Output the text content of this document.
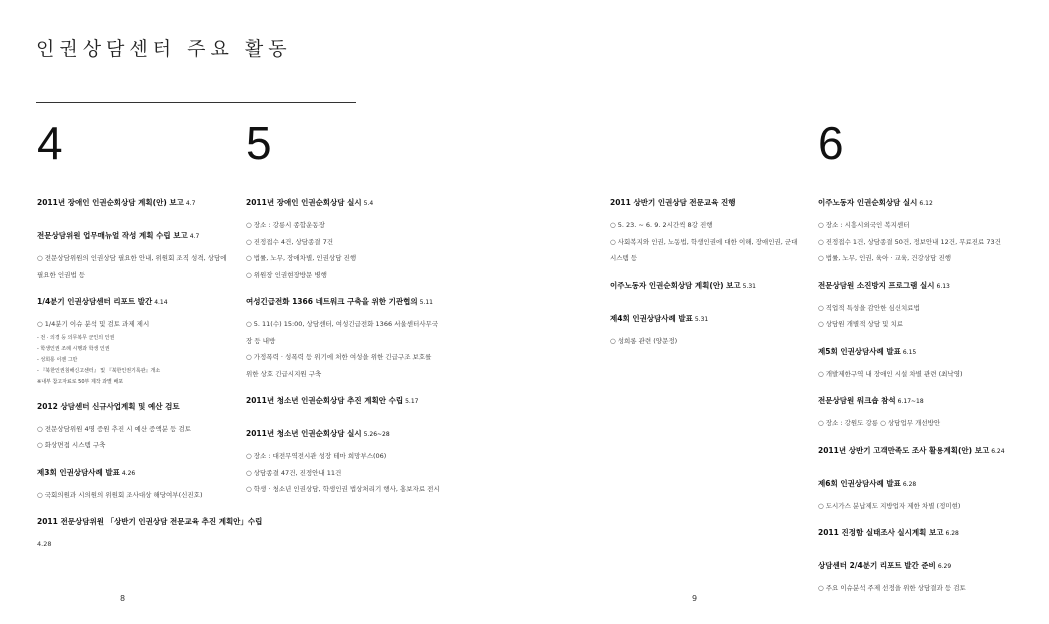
인권상담센터 주요 활동
4	5	6
2011년 장애인 인권순회상담 계획(안) 보고 4.7
전문상담위원 업무매뉴얼 작성 계획 수립 보고 4.7
○ 전문상담위원의 인권상담 필요한 안내, 위원회 조직 성격, 상담에
필요한 인권법 등
1/4분기 인권상담센터 리포트 발간 4.14
○ 1/4분기 이슈 분석 및 검토 과제 제시
- 전 · 의경 등 의무복무 군인의 인권
- 학생인권 조례 시행과 학생 인권
- 성희롱 이젠 그만
- 『북한인권침해신고센터』 및 『북한인권기록관』개소
※내부 참고자료로 50부 제작 과별 배포
2012 상담센터 신규사업계획 및 예산 검토
○ 전문상담위원 4명 증원 추진 시 예산 증액분 등 검토
○ 화상면접 시스템 구축
제3회 인권상담사례 발표 4.26
○ 국회의원과 시의원의 위원회 조사대상 해당여부(신진호)
2011 전문상담위원 「상반기 인권상담 전문교육 추진 계획안」수립
4.28
2011년 장애인 인권순회상담 실시 5.4
○ 장소 : 강릉시 종합운동장
○ 진정접수 4건, 상담종결 7건
○ 법률, 노무, 장애차별, 인권상담 진행
○ 위원장 인권현장방문 병행
여성긴급전화 1366 네트워크 구축을 위한 기관협의 5.11
○ 5. 11(수) 15:00, 상담센터, 여성긴급전화 1366 서울센터사무국
장 등 내방
○ 가정폭력 · 성폭력 등 위기에 처한 여성을 위한 긴급구조 보호를
위한 상호 긴급시지원 구축
2011년 청소년 인권순회상담 추진 계획안 수립 5.17
2011년 청소년 인권순회상담 실시 5.26~28
○ 장소 : 대전무역전시관 성장 테마 희망부스(06)
○ 상담종결 47건, 진정안내 11건
○ 학생 · 청소년 인권상담, 학생인권 법상처리기 행사, 홍보자료 전시
2011 상반기 인권상담 전문교육 진행
○ 5. 23. ~ 6. 9. 2시간씩 8강 진행
○ 사회복지와 인권, 노동법, 학생인권에 대한 이해, 장애인권, 군대
시스템 등
이주노동자 인권순회상담 계획(안) 보고 5.31
제4회 인권상담사례 발표 5.31
○ 성희롱 관련 (양문정)
이주노동자 인권순회상담 실시 6.12
○ 장소 : 시흥시외국인 복지센터
○ 진정접수 1건, 상담종결 50건, 정보안내 12건, 무료진료 73건
○ 법률, 노무, 인권, 육아 · 교육, 건강상담 진행
전문상담원 소진방지 프로그램 실시 6.13
○ 직업적 특성을 감안한 심신치료법
○ 상담원 개별적 상담 및 치료
제5회 인권상담사례 발표 6.15
○ 개발제한구역 내 장애인 시설 차별 관련 (최낙영)
전문상담원 워크숍 참석 6.17~18
○ 장소 : 강원도 강릉 ○ 상담업무 개선방안
2011년 상반기 고객만족도 조사 활용계획(안) 보고 6.24
제6회 인권상담사례 발표 6.28
○ 도시가스 분납제도 지방업자 제한 차별 (정미현)
2011 진정함 실태조사 실시계획 보고 6.28
상담센터 2/4분기 리포트 발간 준비 6.29
○ 주요 이슈분석 주제 선정을 위한 상담결과 등 검토
8	9
